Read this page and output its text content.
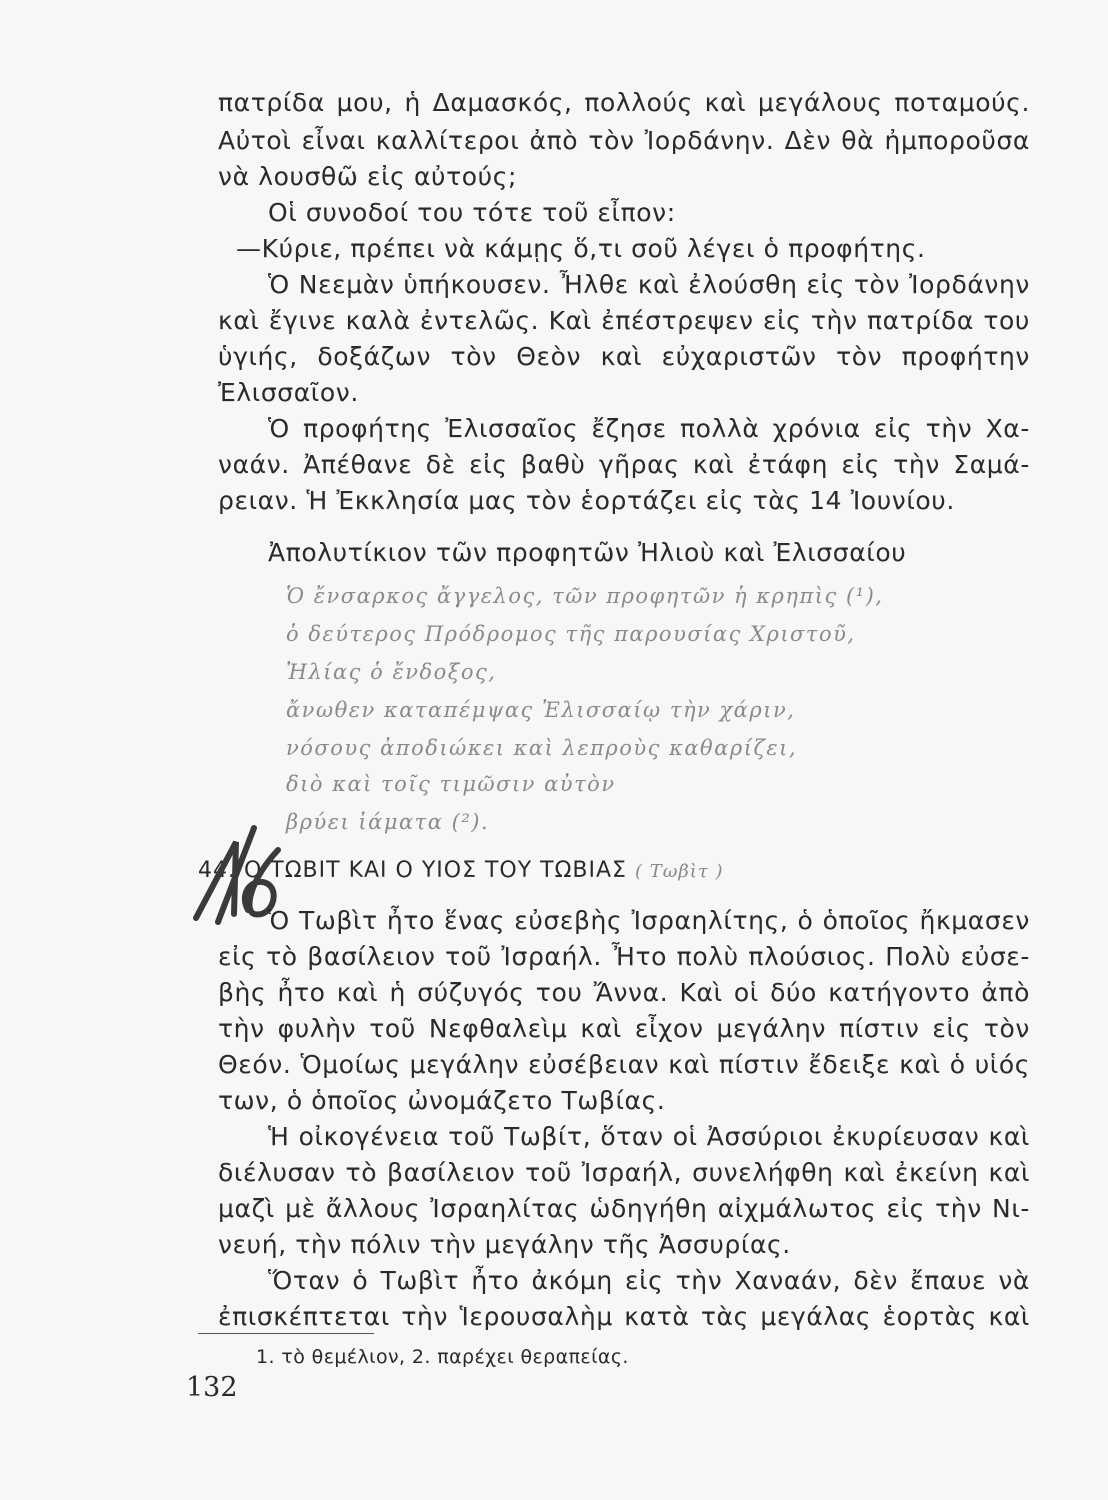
πατρίδα μου, ἡ Δαμασκός, πολλούς καὶ μεγάλους ποταμούς.
Αὐτοὶ εἶναι καλλίτεροι ἀπὸ τὸν Ἰορδάνην. Δὲν θὰ ἠμποροῦσα
νὰ λουσθῶ εἰς αὐτούς;
Οἱ συνοδοί του τότε τοῦ εἶπον:
—Κύριε, πρέπει νὰ κάμῃς ὅ,τι σοῦ λέγει ὁ προφήτης.
Ὁ Νεεμὰν ὑπήκουσεν. Ἦλθε καὶ ἐλούσθη εἰς τὸν Ἰορδάνην
καὶ ἔγινε καλὰ ἐντελῶς. Καὶ ἐπέστρεψεν εἰς τὴν πατρίδα του
ὑγιής, δοξάζων τὸν Θεὸν καὶ εὐχαριστῶν τὸν προφήτην
Ἐλισσαῖον.
Ὁ προφήτης Ἐλισσαῖος ἔζησε πολλὰ χρόνια εἰς τὴν Χα-
ναάν. Ἀπέθανε δὲ εἰς βαθὺ γῆρας καὶ ἐτάφη εἰς τὴν Σαμά-
ρειαν. Ἡ Ἐκκλησία μας τὸν ἑορτάζει εἰς τὰς 14 Ἰουνίου.
Ἀπολυτίκιον τῶν προφητῶν Ἠλιοὺ καὶ Ἐλισσαίου
Ὁ ἔνσαρκος ἄγγελος, τῶν προφητῶν ἡ κρηπὶς (¹),
ὁ δεύτερος Πρόδρομος τῆς παρουσίας Χριστοῦ,
Ἠλίας ὁ ἔνδοξος,
ἄνωθεν καταπέμψας Ἐλισσαίῳ τὴν χάριν,
νόσους ἀποδιώκει καὶ λεπροὺς καθαρίζει,
διὸ καὶ τοῖς τιμῶσιν αὐτὸν
βρύει ἰάματα (²).
44. Ο ΤΩΒΙΤ ΚΑΙ Ο ΥΙΟΣ ΤΟΥ ΤΩΒΙΑΣ ( Τωβὶτ )
Ὁ Τωβὶτ ἦτο ἕνας εὐσεβὴς Ἰσραηλίτης, ὁ ὁποῖος ἤκμασεν
εἰς τὸ βασίλειον τοῦ Ἰσραήλ. Ἦτο πολὺ πλούσιος. Πολὺ εὐσε-
βὴς ἦτο καὶ ἡ σύζυγός του Ἄννα. Καὶ οἱ δύο κατήγοντο ἀπὸ
τὴν φυλὴν τοῦ Νεφθαλεὶμ καὶ εἶχον μεγάλην πίστιν εἰς τὸν
Θεόν. Ὁμοίως μεγάλην εὐσέβειαν καὶ πίστιν ἔδειξε καὶ ὁ υἱός
των, ὁ ὁποῖος ὠνομάζετο Τωβίας.
Ἡ οἰκογένεια τοῦ Τωβίτ, ὅταν οἱ Ἀσσύριοι ἐκυρίευσαν καὶ
διέλυσαν τὸ βασίλειον τοῦ Ἰσραήλ, συνελήφθη καὶ ἐκείνη καὶ
μαζὶ μὲ ἄλλους Ἰσραηλίτας ὡδηγήθη αἰχμάλωτος εἰς τὴν Νι-
νευή, τὴν πόλιν τὴν μεγάλην τῆς Ἀσσυρίας.
Ὅταν ὁ Τωβὶτ ἦτο ἀκόμη εἰς τὴν Χαναάν, δὲν ἔπαυε νὰ
ἐπισκέπτεται τὴν Ἱερουσαλὴμ κατὰ τὰς μεγάλας ἑορτὰς καὶ
1. τὸ θεμέλιον, 2. παρέχει θεραπείας.
132
